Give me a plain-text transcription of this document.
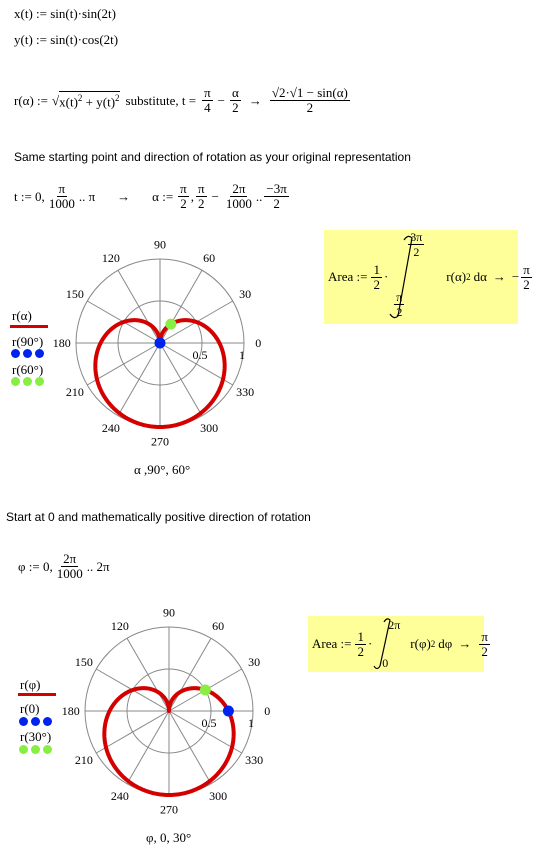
x(t) := sin(t)·sin(2t)
y(t) := sin(t)·cos(2t)
r(α) := √ $x(t)^2 + y(t)^2$ substitute, $t = \frac{\pi}{4} - \frac{\alpha}{2} \to \frac{√2\cdot√1 - \sin(\alpha)}{2}$
Same starting point and direction of rotation as your original representation
t := 0, $\frac{\pi}{1000}$ .. π → α := $\frac{\pi}{2}$ , $\frac{\pi}{2} - \frac{2\pi}{1000}$ .. $\frac{-3\pi}{2}$
Area := $\frac{1}{2}$ ·
$\frac{3\pi}{2}$
$\frac{\pi}{2}$
r(α) 2 dα → − $\frac{\pi}{2}$
90
60
30
0
330
300
270
240
210
180
150
120
0.5	1
r(α)
r(90°)
r(60°)
α ,90°, 60°
Start at 0 and mathematically positive direction of rotation
φ := 0, $\frac{2\pi}{1000}$ .. 2π
Area := $\frac{1}{2}$ ·
2π
0
r(φ) 2 $d\varphi \to \frac{\pi}{2}$
90
60
30
0
330
300
270
240
210
180
150
120
0.5	1
r(φ)
r(0)
r(30°)
φ, 0, 30°
